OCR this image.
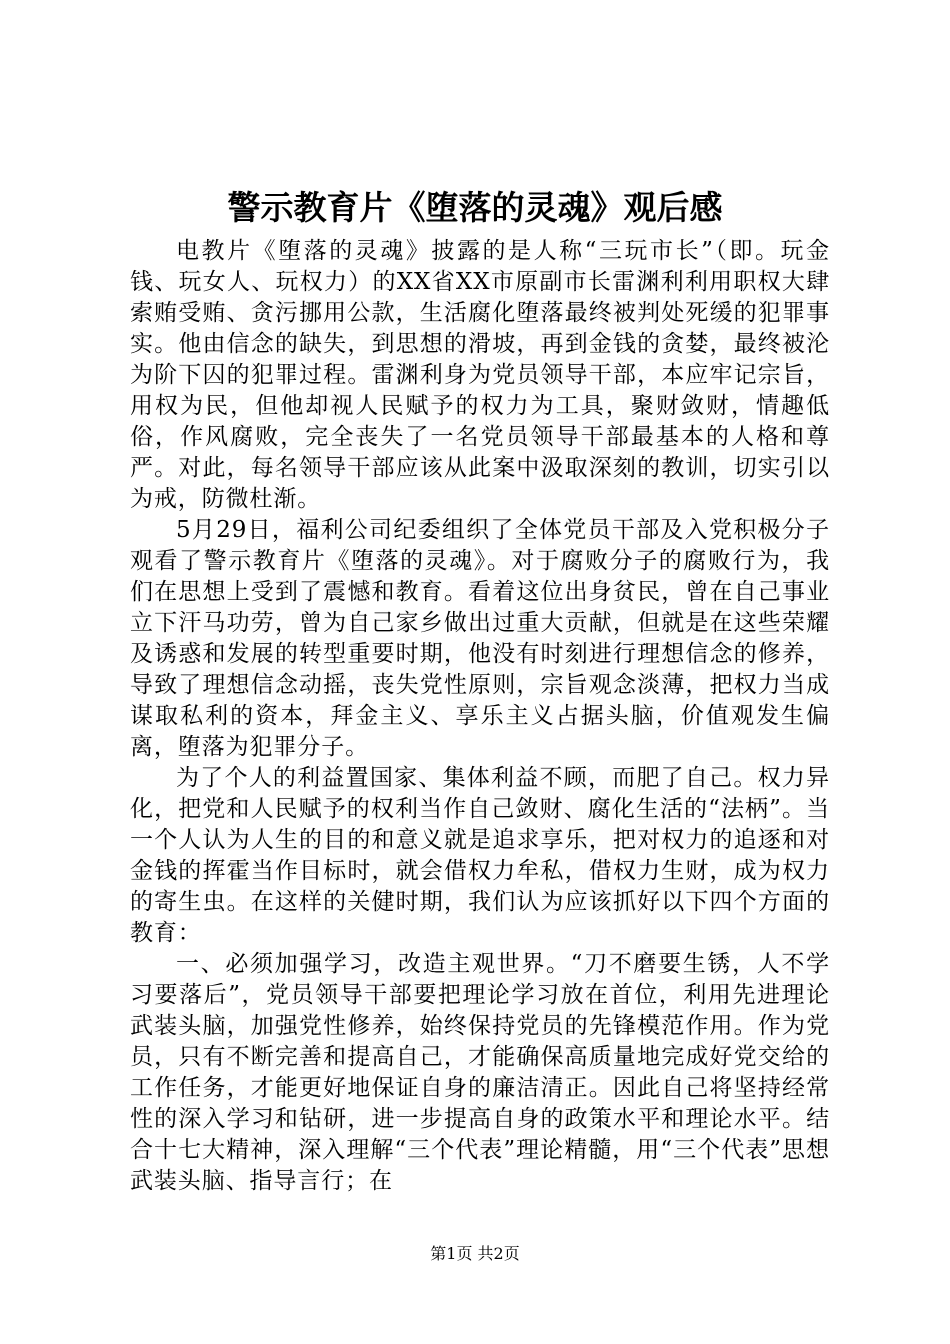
警示教育片《堕落的灵魂》观后感

电教片《堕落的灵魂》披露的是人称“三玩市长”（即。玩金钱、玩女人、玩权力）的XX省XX市原副市长雷渊利利用职权大肆索贿受贿、贪污挪用公款，生活腐化堕落最终被判处死缓的犯罪事实。他由信念的缺失，到思想的滑坡，再到金钱的贪婪，最终被沦为阶下囚的犯罪过程。雷渊利身为党员领导干部，本应牢记宗旨，用权为民，但他却视人民赋予的权力为工具，聚财敛财，情趣低俗，作风腐败，完全丧失了一名党员领导干部最基本的人格和尊严。对此，每名领导干部应该从此案中汲取深刻的教训，切实引以为戒，防微杜渐。

5月29日，福利公司纪委组织了全体党员干部及入党积极分子观看了警示教育片《堕落的灵魂》。对于腐败分子的腐败行为，我们在思想上受到了震憾和教育。看着这位出身贫民，曾在自己事业立下汗马功劳，曾为自己家乡做出过重大贡献，但就是在这些荣耀及诱惑和发展的转型重要时期，他没有时刻进行理想信念的修养，导致了理想信念动摇，丧失党性原则，宗旨观念淡薄，把权力当成谋取私利的资本，拜金主义、享乐主义占据头脑，价值观发生偏离，堕落为犯罪分子。

为了个人的利益置国家、集体利益不顾，而肥了自己。权力异化，把党和人民赋予的权利当作自己敛财、腐化生活的“法柄”。当一个人认为人生的目的和意义就是追求享乐，把对权力的追逐和对金钱的挥霍当作目标时，就会借权力牟私，借权力生财，成为权力的寄生虫。在这样的关健时期，我们认为应该抓好以下四个方面的教育：

一、必须加强学习，改造主观世界。“刀不磨要生锈，人不学习要落后”，党员领导干部要把理论学习放在首位，利用先进理论武装头脑，加强党性修养，始终保持党员的先锋模范作用。作为党员，只有不断完善和提高自己，才能确保高质量地完成好党交给的工作任务，才能更好地保证自身的廉洁清正。因此自己将坚持经常性的深入学习和钻研，进一步提高自身的政策水平和理论水平。结合十七大精神，深入理解“三个代表”理论精髓，用“三个代表”思想武装头脑、指导言行；在

第1页 共2页
